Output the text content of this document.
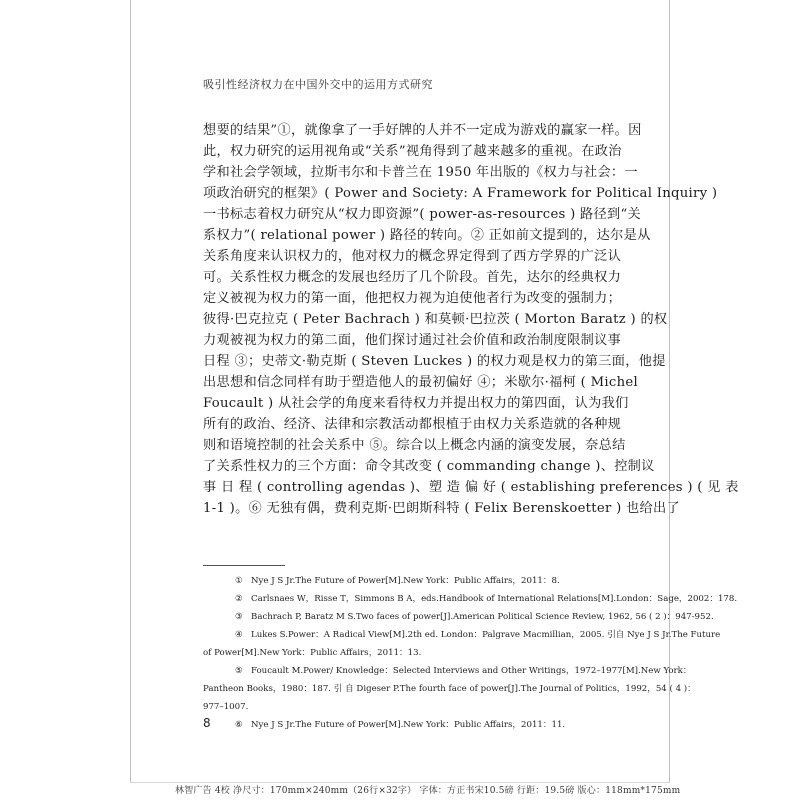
吸引性经济权力在中国外交中的运用方式研究
想要的结果”①，就像拿了一手好牌的人并不一定成为游戏的赢家一样。因
此，权力研究的运用视角或“关系”视角得到了越来越多的重视。在政治
学和社会学领域，拉斯韦尔和卡普兰在 1950 年出版的《权力与社会：一
项政治研究的框架》( Power and Society: A Framework for Political Inquiry )
一书标志着权力研究从“权力即资源”( power-as-resources ) 路径到“关
系权力”( relational power ) 路径的转向。② 正如前文提到的，达尔是从
关系角度来认识权力的，他对权力的概念界定得到了西方学界的广泛认
可。关系性权力概念的发展也经历了几个阶段。首先，达尔的经典权力
定义被视为权力的第一面，他把权力视为迫使他者行为改变的强制力；
彼得·巴克拉克 ( Peter Bachrach ) 和莫顿·巴拉茨 ( Morton Baratz ) 的权
力观被视为权力的第二面，他们探讨通过社会价值和政治制度限制议事
日程 ③；史蒂文·勒克斯 ( Steven Luckes ) 的权力观是权力的第三面，他提
出思想和信念同样有助于塑造他人的最初偏好 ④；米歇尔·福柯 ( Michel
Foucault ) 从社会学的角度来看待权力并提出权力的第四面，认为我们
所有的政治、经济、法律和宗教活动都根植于由权力关系造就的各种规
则和语境控制的社会关系中 ⑤。综合以上概念内涵的演变发展，奈总结
了关系性权力的三个方面：命令其改变 ( commanding change )、控制议
事 日 程 ( controlling agendas )、塑 造 偏 好 ( establishing preferences ) ( 见 表
1-1 )。⑥ 无独有偶，费利克斯·巴朗斯科特 ( Felix Berenskoetter ) 也给出了
① Nye J S Jr.The Future of Power[M].New York：Public Affairs，2011：8.
② Carlsnaes W，Risse T，Simmons B A，eds.Handbook of International Relations[M].London：Sage，2002：178.
③ Bachrach P, Baratz M S.Two faces of power[J].American Political Science Review, 1962, 56 ( 2 )：947-952.
④ Lukes S.Power：A Radical View[M].2th ed. London：Palgrave Macmillian，2005. 引自 Nye J S Jr.The Future
of Power[M].New York：Public Affairs，2011：13.
⑤ Foucault M.Power/ Knowledge：Selected Interviews and Other Writings，1972–1977[M].New York：
Pantheon Books，1980：187. 引 自 Digeser P.The fourth face of power[J].The Journal of Politics，1992，54 ( 4 )：
977–1007.
⑥ Nye J S Jr.The Future of Power[M].New York：Public Affairs，2011：11.
8
林智广告 4校 净尺寸：170mm×240mm（26行×32字） 字体：方正书宋10.5磅 行距：19.5磅 版心：118mm*175mm
